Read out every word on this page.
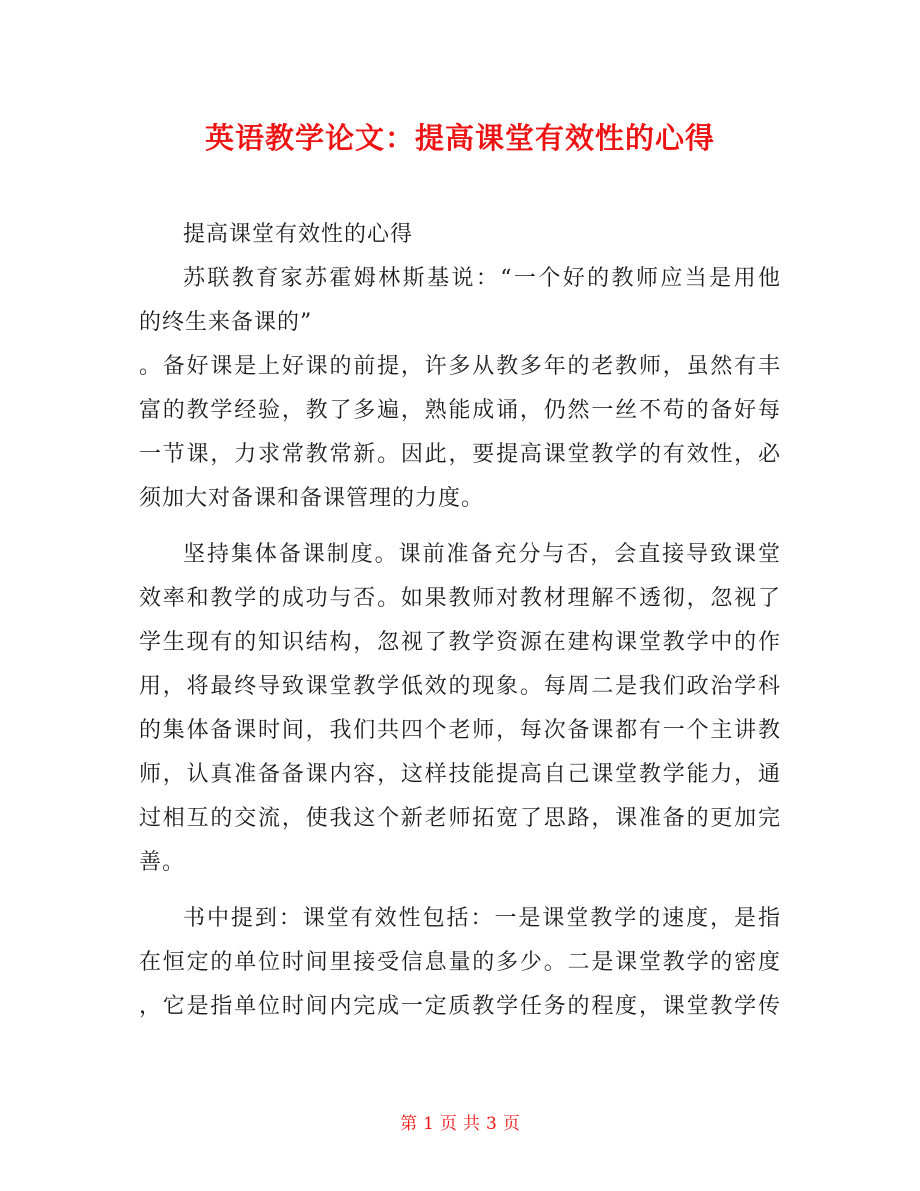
英语教学论文：提高课堂有效性的心得
提高课堂有效性的心得
苏联教育家苏霍姆林斯基说：“一个好的教师应当是用他
的终生来备课的”
。备好课是上好课的前提，许多从教多年的老教师，虽然有丰
富的教学经验，教了多遍，熟能成诵，仍然一丝不苟的备好每
一节课，力求常教常新。因此，要提高课堂教学的有效性，必
须加大对备课和备课管理的力度。
坚持集体备课制度。课前准备充分与否，会直接导致课堂
效率和教学的成功与否。如果教师对教材理解不透彻，忽视了
学生现有的知识结构，忽视了教学资源在建构课堂教学中的作
用，将最终导致课堂教学低效的现象。每周二是我们政治学科
的集体备课时间，我们共四个老师，每次备课都有一个主讲教
师，认真准备备课内容，这样技能提高自己课堂教学能力，通
过相互的交流，使我这个新老师拓宽了思路，课准备的更加完
善。
书中提到：课堂有效性包括：一是课堂教学的速度，是指
在恒定的单位时间里接受信息量的多少。二是课堂教学的密度
，它是指单位时间内完成一定质教学任务的程度，课堂教学传
第 1 页 共 3 页
